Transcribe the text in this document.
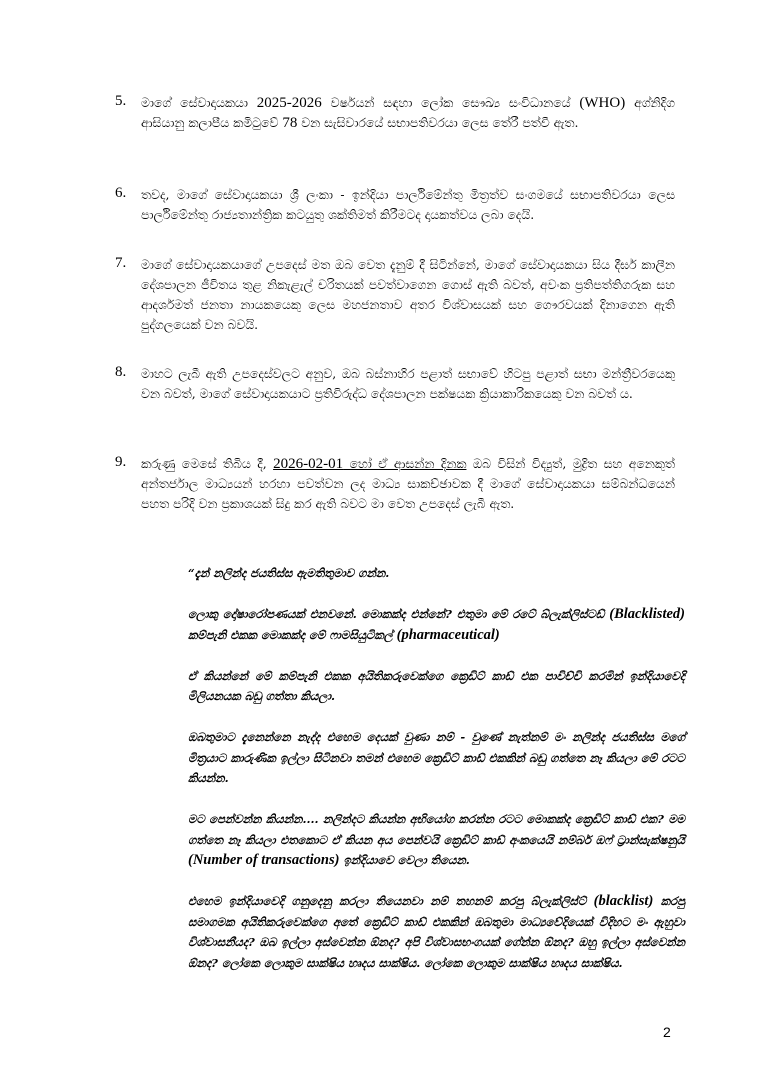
5. මාගේ සේවාදායකයා 2025-2026 වර්ෂයන් සඳහා ලෝක සෞඛ්‍ය සංවිධානයේ (WHO) අග්නිදිග ආසියානු කලාපීය කමිටුවේ 78 වන සැසිවාරයේ සභාපතිවරයා ලෙස තේරී පත්වී ඇත.
6. තවද, මාගේ සේවාදායකයා ශ්‍රී ලංකා - ඉන්දියා පාර්ලිමේන්තු මිත්‍රත්ව සංගමයේ සභාපතිවරයා ලෙස පාර්ලිමේන්තු රාජ්‍යතාන්ත්‍රික කටයුතු ශක්තිමත් කිරීමටද දායකත්වය ලබා දෙයි.
7. මාගේ සේවාදායකයාගේ උපදෙස් මත ඔබ වෙත දැනුම් දී සිටින්නේ, මාගේ සේවාදායකයා සිය දීර්ඝ කාලීන දේශපාලන ජීවිතය තුළ නිකැළැල් චරිතයක් පවත්වාගෙන ගොස් ඇති බවත්, අවංක ප්‍රතිපත්තිගරුක සහ ආදර්ශමත් ජනතා නායකයෙකු ලෙස මහජනතාව අතර විශ්වාසයක් සහ ගෞරවයක් දිනාගෙන ඇති පුද්ගලයෙක් වන බවයි.
8. මාහට ලැබී ඇති උපදෙස්වලට අනුව, ඔබ බස්නාහිර පළාත් සභාවේ හිටපු පළාත් සභා මන්ත්‍රීවරයෙකු වන බවත්, මාගේ සේවාදායකයාට ප්‍රතිවිරුද්ධ දේශපාලන පක්ෂයක ක්‍රියාකාරිකයෙකු වන බවත් ය.
9. කරුණු මෙසේ තිබිය දී, 2026-02-01 හෝ ඒ ආසන්න දිනක ඔබ විසින් විද්‍යුත්, මුද්‍රිත සහ අනෙකුත් අන්තර්ජාල මාධ්‍යයන් හරහා පවත්වන ලද මාධ්‍ය සාකච්ඡාවක දී මාගේ සේවාදායකයා සම්බන්ධයෙන් පහත පරිදි වන ප්‍රකාශයක් සිදු කර ඇති බවට මා වෙත උපදෙස් ලැබී ඇත.

“දැන් නලින්ද ජයතිස්ස ඇමතිතුමාව ගන්න.

ලොකු දෝෂාරෝපණයක් එනවනේ. මොකක්ද එන්නේ? එතුමා මේ රටේ බ්ලැක්ලිස්ටඩ් (Blacklisted) කම්පැනි එකක මොකක්ද මේ ෆාමසියුටිකල් (pharmaceutical)

ඒ කියන්නේ මේ කම්පැනි එකක අයිතිකරුවෙක්ගෙ ක්‍රෙඩිට් කාඩ් එක පාවිච්චි කරමින් ඉන්දියාවෙදි මිලියනයක බඩු ගත්තා කියලා.

ඔබතුමාට දැනෙන්නෙ නැද්ද එහෙම දෙයක් වුණා නම් - වුණේ නැත්නම් මං නලින්ද ජයතිස්ස මගේ මිත්‍රයාට කාරුණික ඉල්ලා සිටිනවා තමන් එහෙම ක්‍රෙඩිට් කාඩ් එකකින් බඩු ගත්තෙ නෑ කියලා මේ රටට කියන්න.

මට පෙන්වන්න කියන්න.... නලින්දට කියන්න අභියෝග කරන්න රටට මොකක්ද ක්‍රෙඩිට් කාඩ් එක? මම ගත්තෙ නෑ කියලා එතකොට ඒ කියන අය පෙන්වයි ක්‍රෙඩිට් කාඩ් අංකයෙයි නම්බර් ඔෆ් ට්‍රාන්සැක්ෂනුයි (Number of transactions) ඉන්දියාවෙ වෙලා තියෙන.

එහෙම ඉන්දියාවෙදි ගනුදෙනු කරලා තියෙනවා නම් තහනම් කරපු බ්ලැක්ලිස්ට් (blacklist) කරපු සමාගමක අයිතිකරුවෙක්ගෙ අතේ ක්‍රෙඩිට් කාඩ් එකකින් ඔබතුමා මාධ්‍යවේදියෙක් විදිහට මං ඇහුවා විශ්වාසනීයද? ඔබ ඉල්ලා අස්වෙන්න ඕනද? අපි විශ්වාසභංගයක් ගේන්න ඕනද? ඔහු ඉල්ලා අස්වෙන්න ඕනද? ලෝකෙ ලොකුම සාක්ෂිය හෘදය සාක්ෂිය. ලෝකෙ ලොකුම සාක්ෂිය හෘදය සාක්ෂිය.

2
